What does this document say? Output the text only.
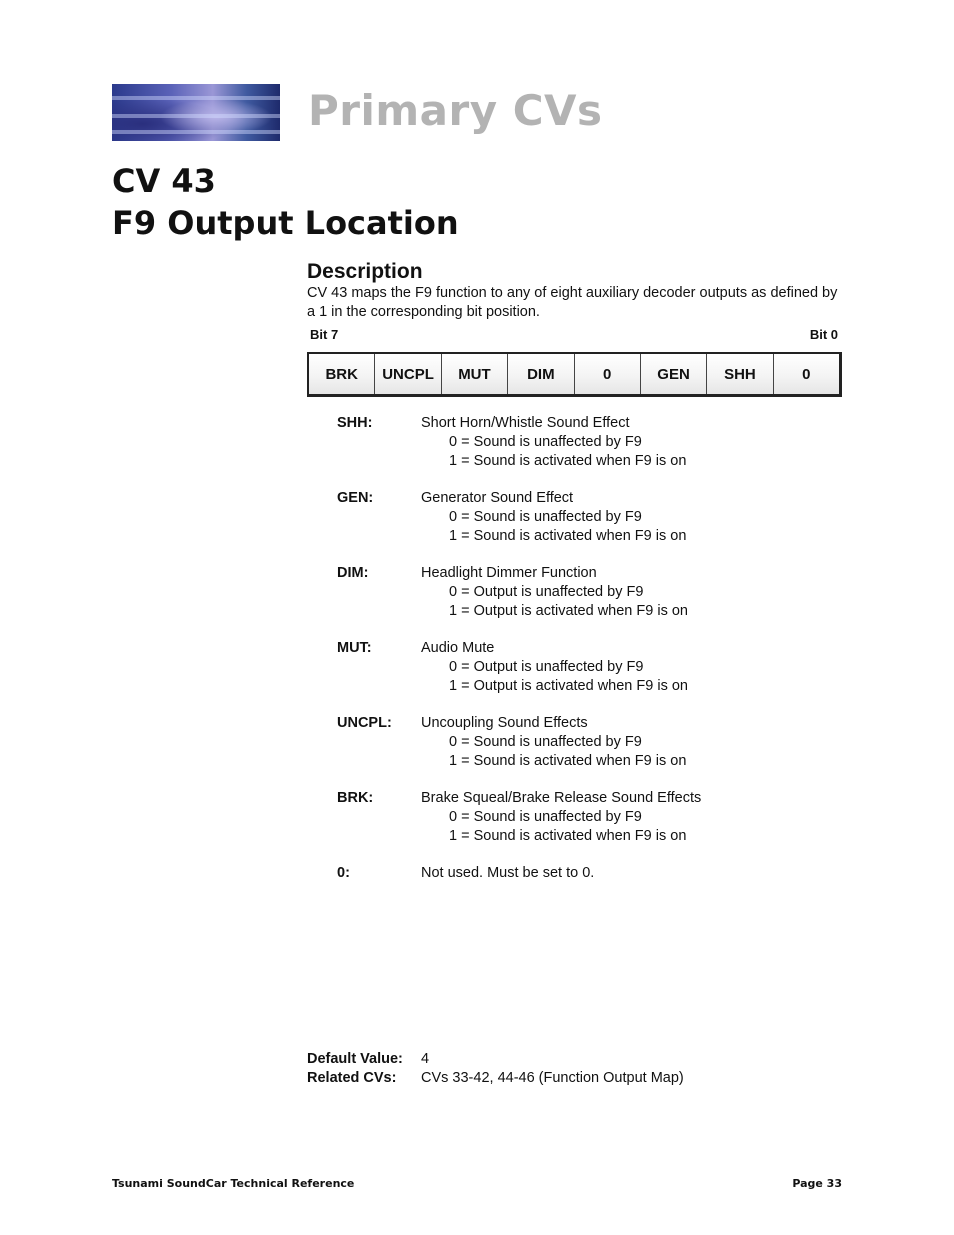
Primary CVs
CV 43
F9 Output Location
Description

CV 43 maps the F9 function to any of eight auxiliary decoder outputs as defined by a 1 in the corresponding bit position.

Bit 7	Bit 0
BRK	UNCPL	MUT	DIM	0	GEN	SHH	0
SHH:	Short Horn/Whistle Sound Effect
0 = Sound is unaffected by F9
1 = Sound is activated when F9 is on
GEN:	Generator Sound Effect
0 = Sound is unaffected by F9
1 = Sound is activated when F9 is on
DIM:	Headlight Dimmer Function
0 = Output is unaffected by F9
1 = Output is activated when F9 is on
MUT:	Audio Mute
0 = Output is unaffected by F9
1 = Output is activated when F9 is on
UNCPL: Uncoupling Sound Effects
0 = Sound is unaffected by F9
1 = Sound is activated when F9 is on
BRK:	Brake Squeal/Brake Release Sound Effects
0 = Sound is unaffected by F9
1 = Sound is activated when F9 is on
0:	Not used. Must be set to 0.
Default Value:	4
Related CVs:	CVs 33-42, 44-46 (Function Output Map)
Tsunami SoundCar Technical Reference	Page 33
